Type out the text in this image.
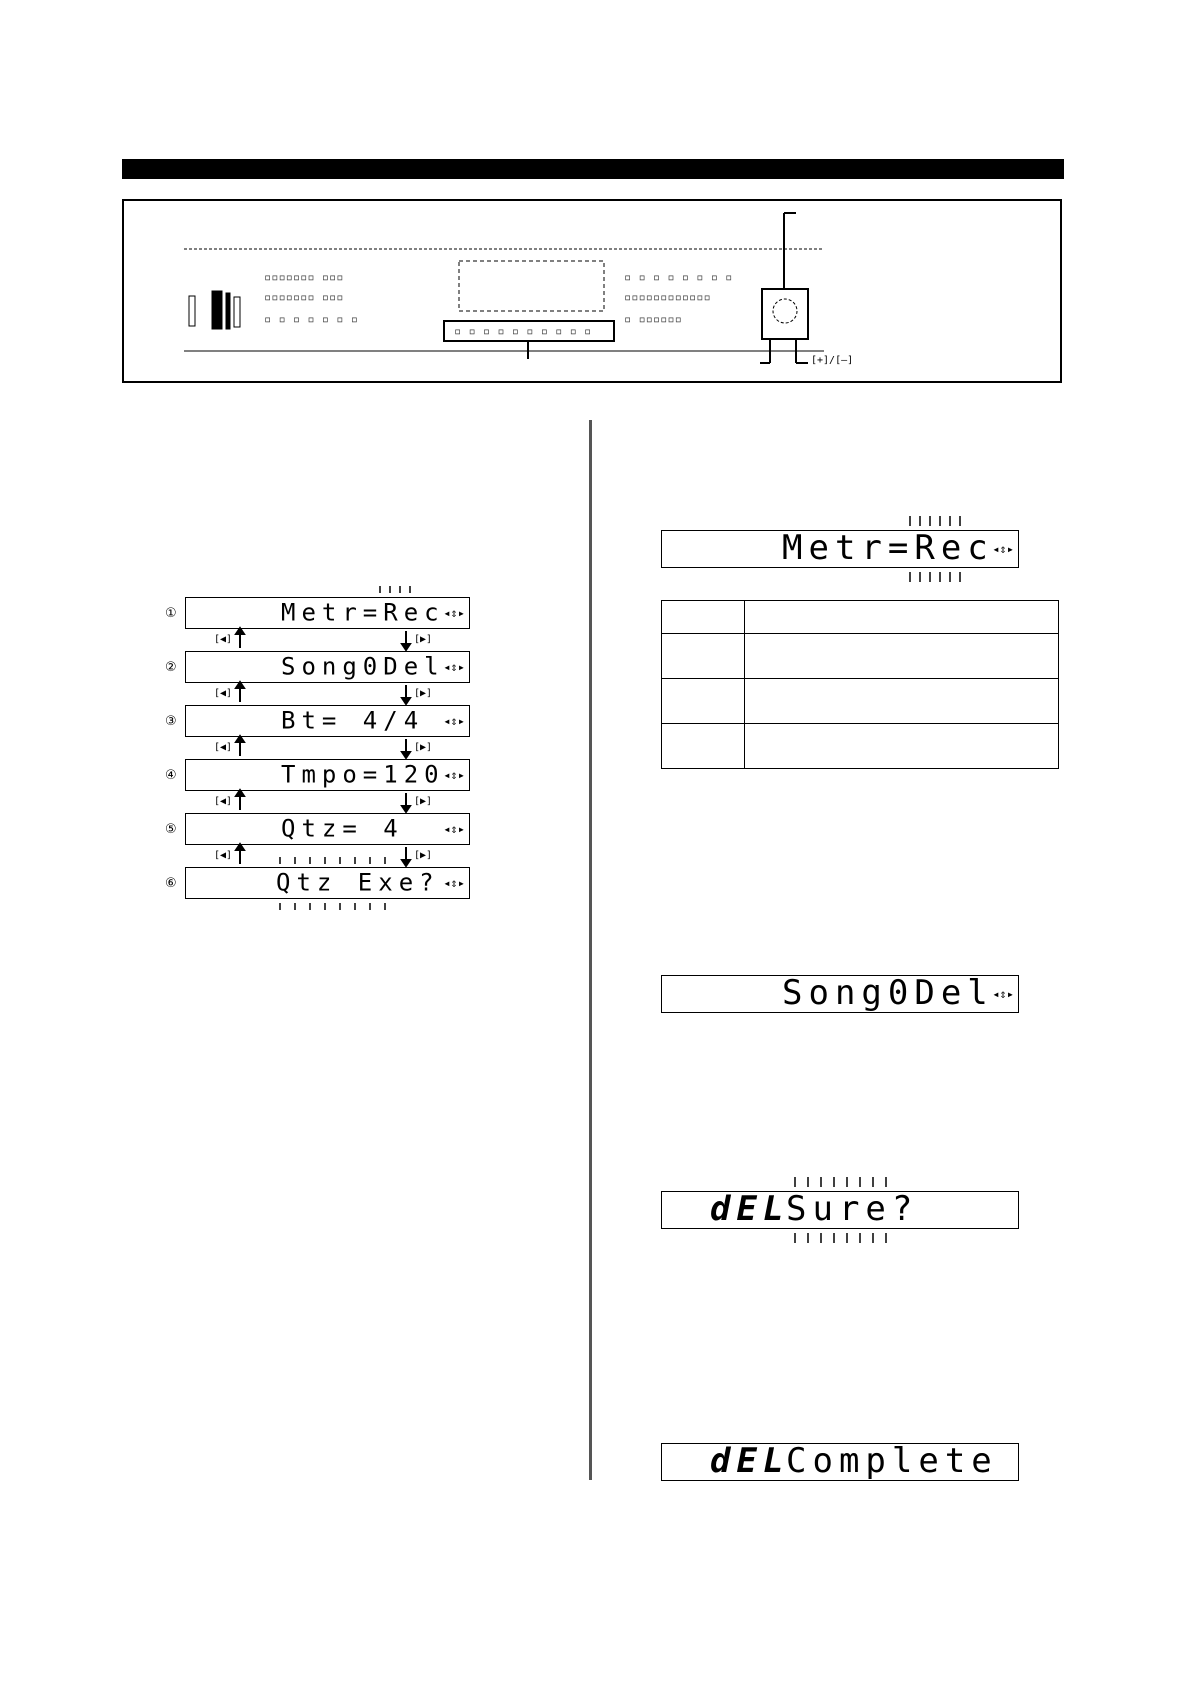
▫▫▫▫▫▫▫ ▫▫▫
▫▫▫▫▫▫▫ ▫▫▫
▫ ▫ ▫ ▫ ▫ ▫ ▫
▫ ▫ ▫ ▫ ▫ ▫ ▫ ▫
▫▫▫▫▫▫▫▫▫▫▫▫
▫ ▫▫▫▫▫▫
▫ ▫ ▫ ▫ ▫ ▫ ▫ ▫ ▫ ▫
[+]/[–]
①

	Metr=Rec

◂⇕▸

②

	Song0Del

◂⇕▸

③

	Bt= 4/4

◂⇕▸

④

	Tmpo=120

◂⇕▸

⑤

	Qtz= 4

	◂⇕▸

⑥

	Qtz Exe?

◂⇕▸

[◀]	[▶]
[◀]	[▶]
[◀]	[▶]
[◀]	[▶]
[◀]	[▶]

Metr=Rec

◂⇕▸

Song0Del

◂⇕▸

dEL

Sure?

dEL

Complete
